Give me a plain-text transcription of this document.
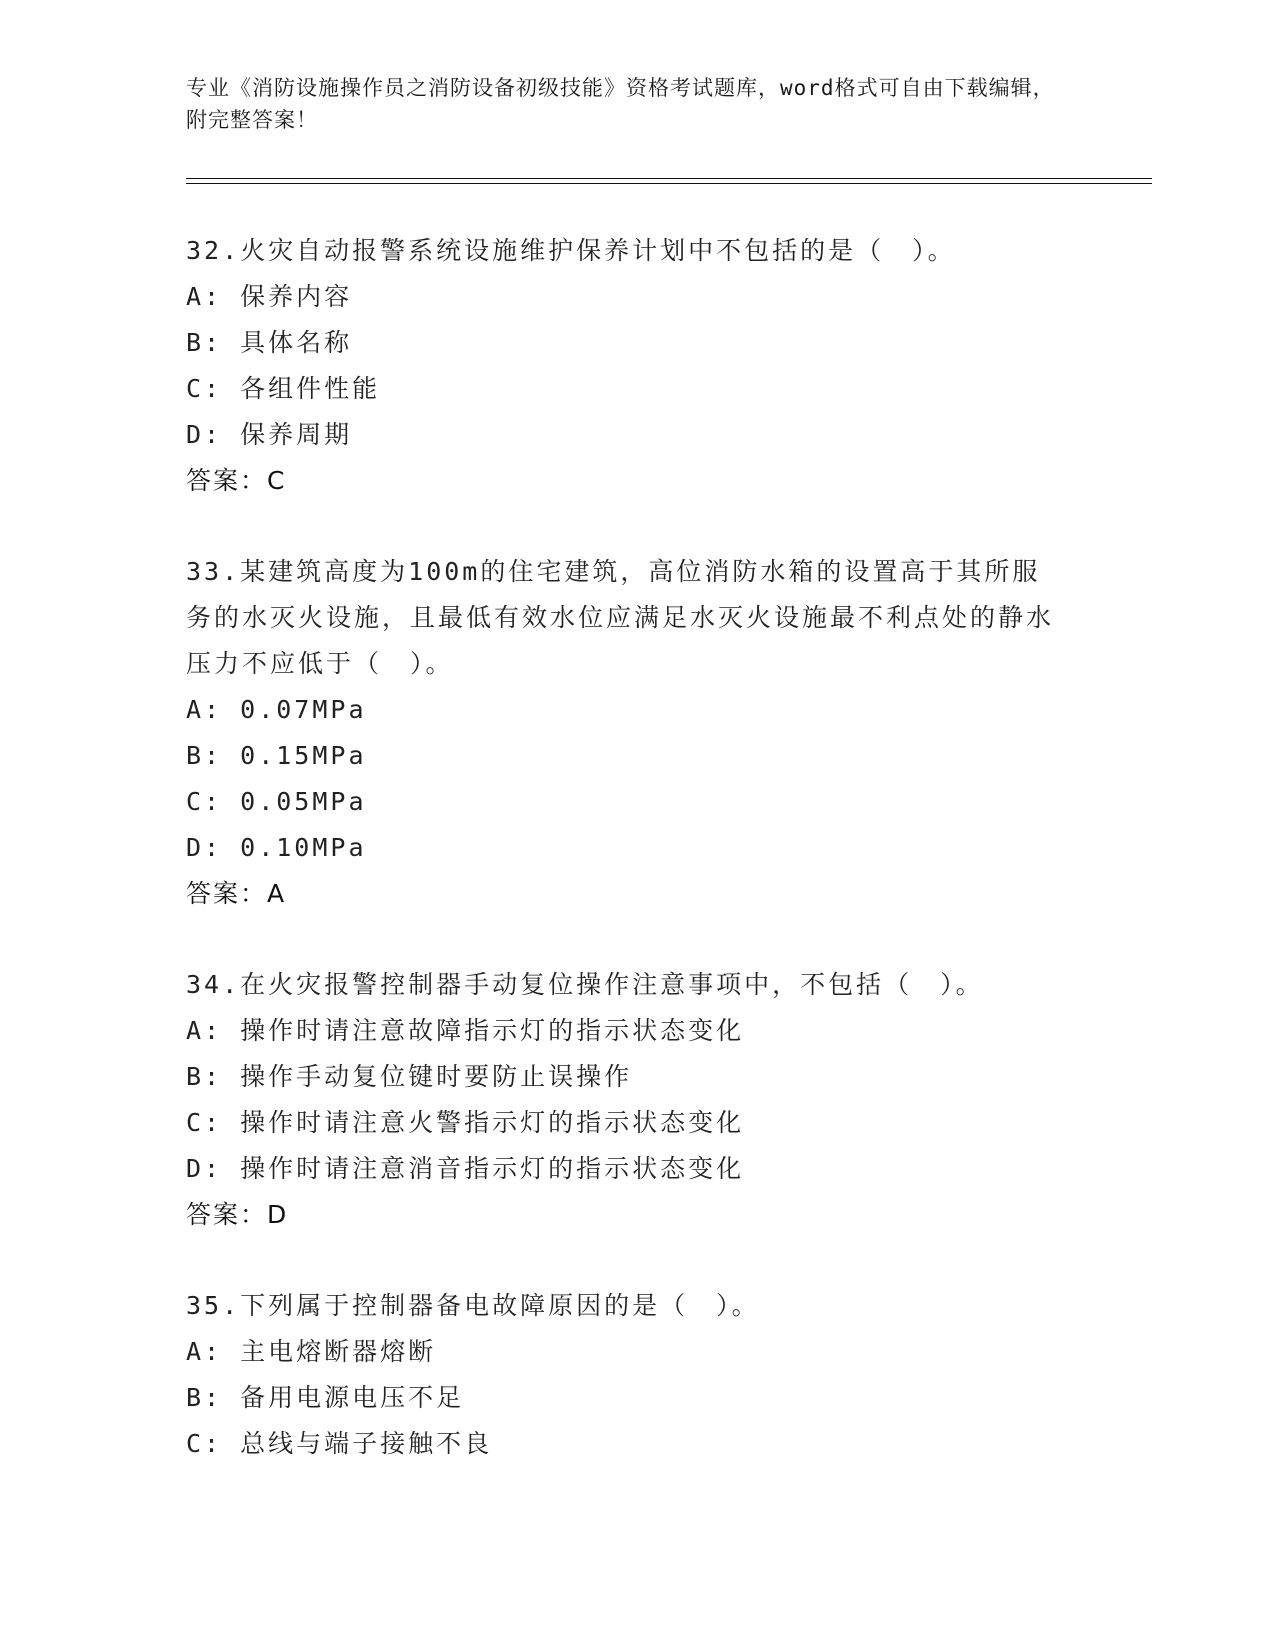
专业《消防设施操作员之消防设备初级技能》资格考试题库，word格式可自由下载编辑，附完整答案！
32.火灾自动报警系统设施维护保养计划中不包括的是（　）。
A: 保养内容
B: 具体名称
C: 各组件性能
D: 保养周期
答案：C
33.某建筑高度为100m的住宅建筑，高位消防水箱的设置高于其所服务的水灭火设施，且最低有效水位应满足水灭火设施最不利点处的静水压力不应低于（　）。
A: 0.07MPa
B: 0.15MPa
C: 0.05MPa
D: 0.10MPa
答案：A
34.在火灾报警控制器手动复位操作注意事项中，不包括（　）。
A: 操作时请注意故障指示灯的指示状态变化
B: 操作手动复位键时要防止误操作
C: 操作时请注意火警指示灯的指示状态变化
D: 操作时请注意消音指示灯的指示状态变化
答案：D
35.下列属于控制器备电故障原因的是（　）。
A: 主电熔断器熔断
B: 备用电源电压不足
C: 总线与端子接触不良
